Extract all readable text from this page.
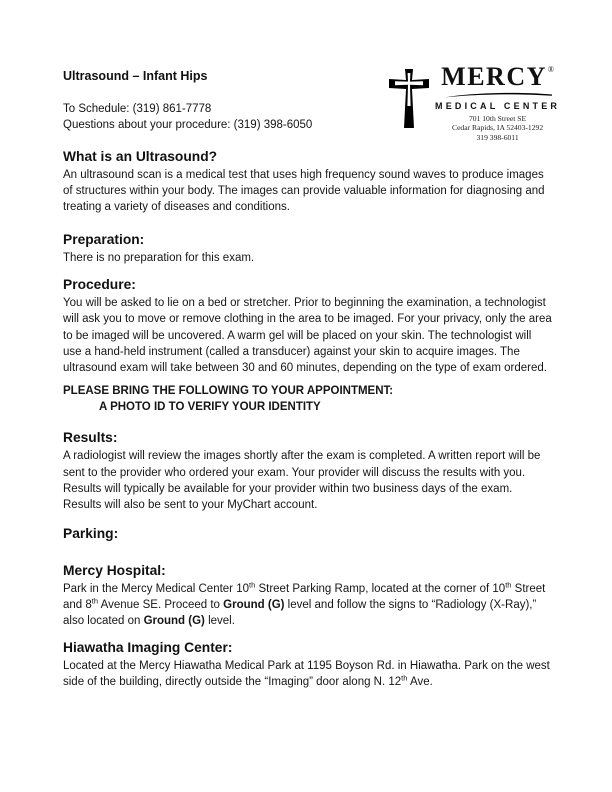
MERCY ®
MEDICAL CENTER
701 10th Street SE
Cedar Rapids, IA 52403-1292
319 398-6011
Ultrasound – Infant Hips
To Schedule: (319) 861-7778
Questions about your procedure: (319) 398-6050
What is an Ultrasound?

An ultrasound scan is a medical test that uses high frequency sound waves to produce images of structures within your body. The images can provide valuable information for diagnosing and treating a variety of diseases and conditions.

Preparation:

There is no preparation for this exam.

Procedure:

You will be asked to lie on a bed or stretcher. Prior to beginning the examination, a technologist will ask you to move or remove clothing in the area to be imaged. For your privacy, only the area to be imaged will be uncovered. A warm gel will be placed on your skin. The technologist will use a hand-held instrument (called a transducer) against your skin to acquire images. The ultrasound exam will take between 30 and 60 minutes, depending on the type of exam ordered.

PLEASE BRING THE FOLLOWING TO YOUR APPOINTMENT:

A PHOTO ID TO VERIFY YOUR IDENTITY

Results:

A radiologist will review the images shortly after the exam is completed. A written report will be sent to the provider who ordered your exam. Your provider will discuss the results with you. Results will typically be available for your provider within two business days of the exam. Results will also be sent to your MyChart account.

Parking:
Mercy Hospital:

Park in the Mercy Medical Center 10th Street Parking Ramp, located at the corner of 10th Street and 8th Avenue SE. Proceed to Ground (G) level and follow the signs to “Radiology (X-Ray),” also located on Ground (G) level.

Hiawatha Imaging Center:

Located at the Mercy Hiawatha Medical Park at 1195 Boyson Rd. in Hiawatha. Park on the west side of the building, directly outside the “Imaging” door along N. 12th Ave.
